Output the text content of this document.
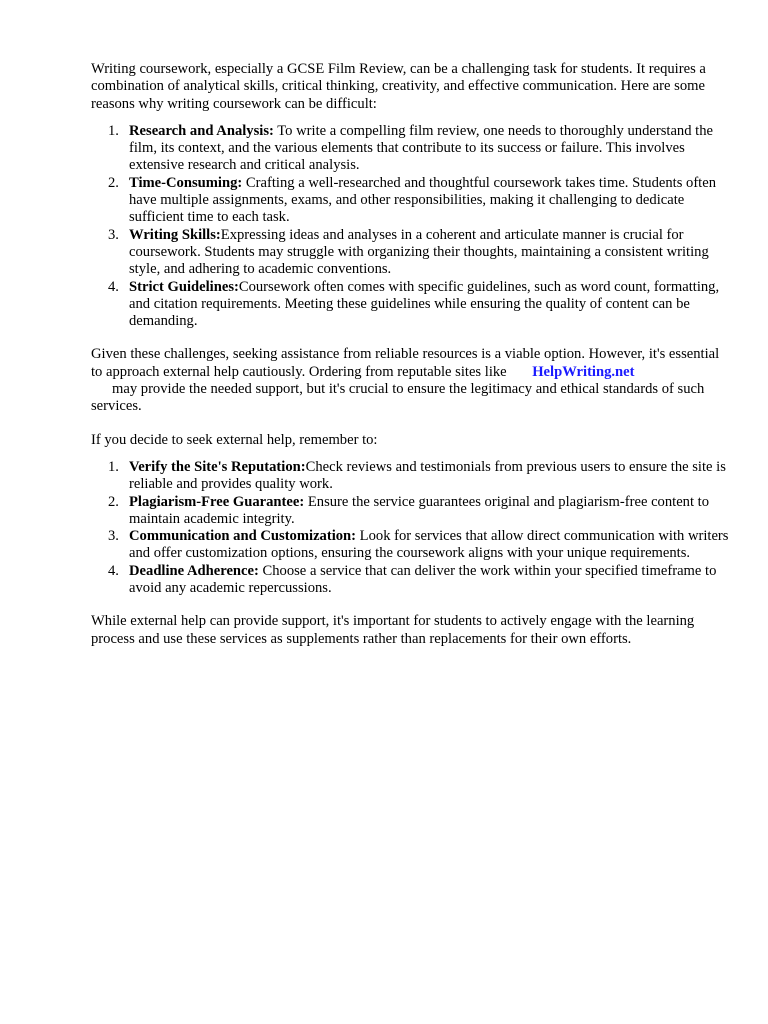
Writing coursework, especially a GCSE Film Review, can be a challenging task for students. It requires a combination of analytical skills, critical thinking, creativity, and effective communication. Here are some reasons why writing coursework can be difficult:

1. Research and Analysis: To write a compelling film review, one needs to thoroughly understand the film, its context, and the various elements that contribute to its success or failure. This involves extensive research and critical analysis.
2. Time-Consuming: Crafting a well-researched and thoughtful coursework takes time. Students often have multiple assignments, exams, and other responsibilities, making it challenging to dedicate sufficient time to each task.
3. Writing Skills:Expressing ideas and analyses in a coherent and articulate manner is crucial for coursework. Students may struggle with organizing their thoughts, maintaining a consistent writing style, and adhering to academic conventions.
4. Strict Guidelines:Coursework often comes with specific guidelines, such as word count, formatting, and citation requirements. Meeting these guidelines while ensuring the quality of content can be demanding.

Given these challenges, seeking assistance from reliable resources is a viable option. However, it's essential to approach external help cautiously. Ordering from reputable sites like HelpWriting.net
may provide the needed support, but it's crucial to ensure the legitimacy and ethical standards of such services.

If you decide to seek external help, remember to:

1. Verify the Site's Reputation:Check reviews and testimonials from previous users to ensure the site is reliable and provides quality work.
2. Plagiarism-Free Guarantee: Ensure the service guarantees original and plagiarism-free content to maintain academic integrity.
3. Communication and Customization: Look for services that allow direct communication with writers and offer customization options, ensuring the coursework aligns with your unique requirements.
4. Deadline Adherence: Choose a service that can deliver the work within your specified timeframe to avoid any academic repercussions.

While external help can provide support, it's important for students to actively engage with the learning process and use these services as supplements rather than replacements for their own efforts.
